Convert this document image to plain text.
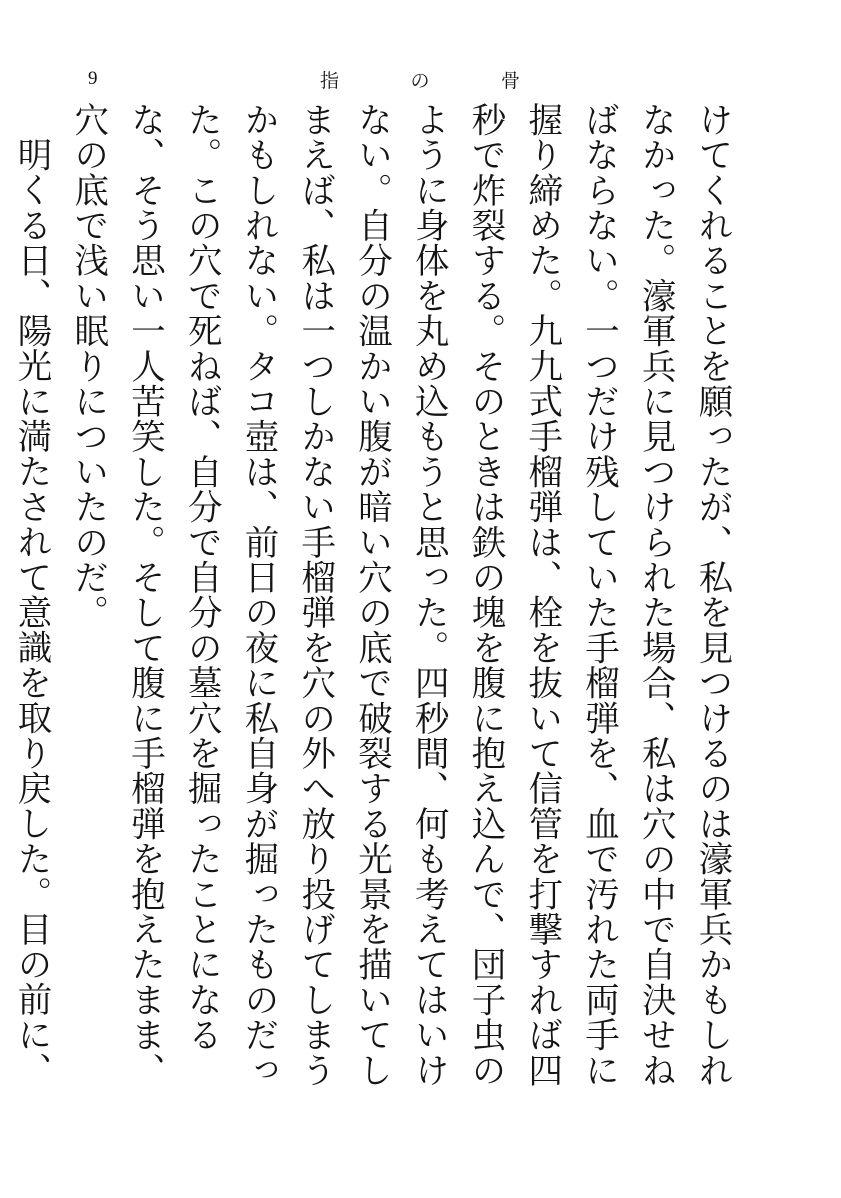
9	指	の	骨

けてくれることを願ったが、私を見つけるのは濠軍兵かもしれなかった。濠軍兵に見つけられた場合、私は穴の中で自決せねばならない。一つだけ残していた手榴弾を、血で汚れた両手に握り締めた。九九式手榴弾は、栓を抜いて信管を打撃すれば四秒で炸裂する。そのときは鉄の塊を腹に抱え込んで、団子虫のように身体を丸め込もうと思った。四秒間、何も考えてはいけない。自分の温かい腹が暗い穴の底で破裂する光景を描いてしまえば、私は一つしかない手榴弾を穴の外へ放り投げてしまうかもしれない。タコ壺は、前日の夜に私自身が掘ったものだった。この穴で死ねば、自分で自分の墓穴を掘ったことになるな、そう思い一人苦笑した。そして腹に手榴弾を抱えたまま、穴の底で浅い眠りについたのだ。

明くる日、陽光に満たされて意識を取り戻した。目の前に、
